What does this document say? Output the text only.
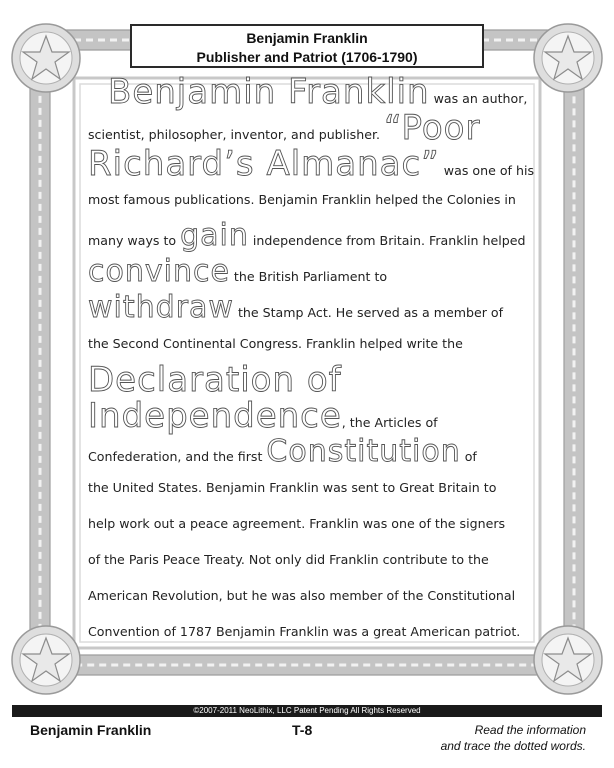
Benjamin Franklin
Publisher and Patriot (1706-1790)
Benjamin Franklin was an author,
scientist, philosopher, inventor, and publisher. “Poor
Richard’s Almanac” was one of his
most famous publications. Benjamin Franklin helped the Colonies in
many ways to gain independence from Britain. Franklin helped
convince the British Parliament to
withdraw the Stamp Act. He served as a member of
the Second Continental Congress. Franklin helped write the
Declaration of
Independence, the Articles of
Confederation, and the first Constitution of
the United States. Benjamin Franklin was sent to Great Britain to
help work out a peace agreement. Franklin was one of the signers
of the Paris Peace Treaty. Not only did Franklin contribute to the
American Revolution, but he was also member of the Constitutional
Convention of 1787 Benjamin Franklin was a great American patriot.
©2007-2011 NeoLithix, LLC Patent Pending All Rights Reserved
Benjamin Franklin	T-8	Read the information
and trace the dotted words.
